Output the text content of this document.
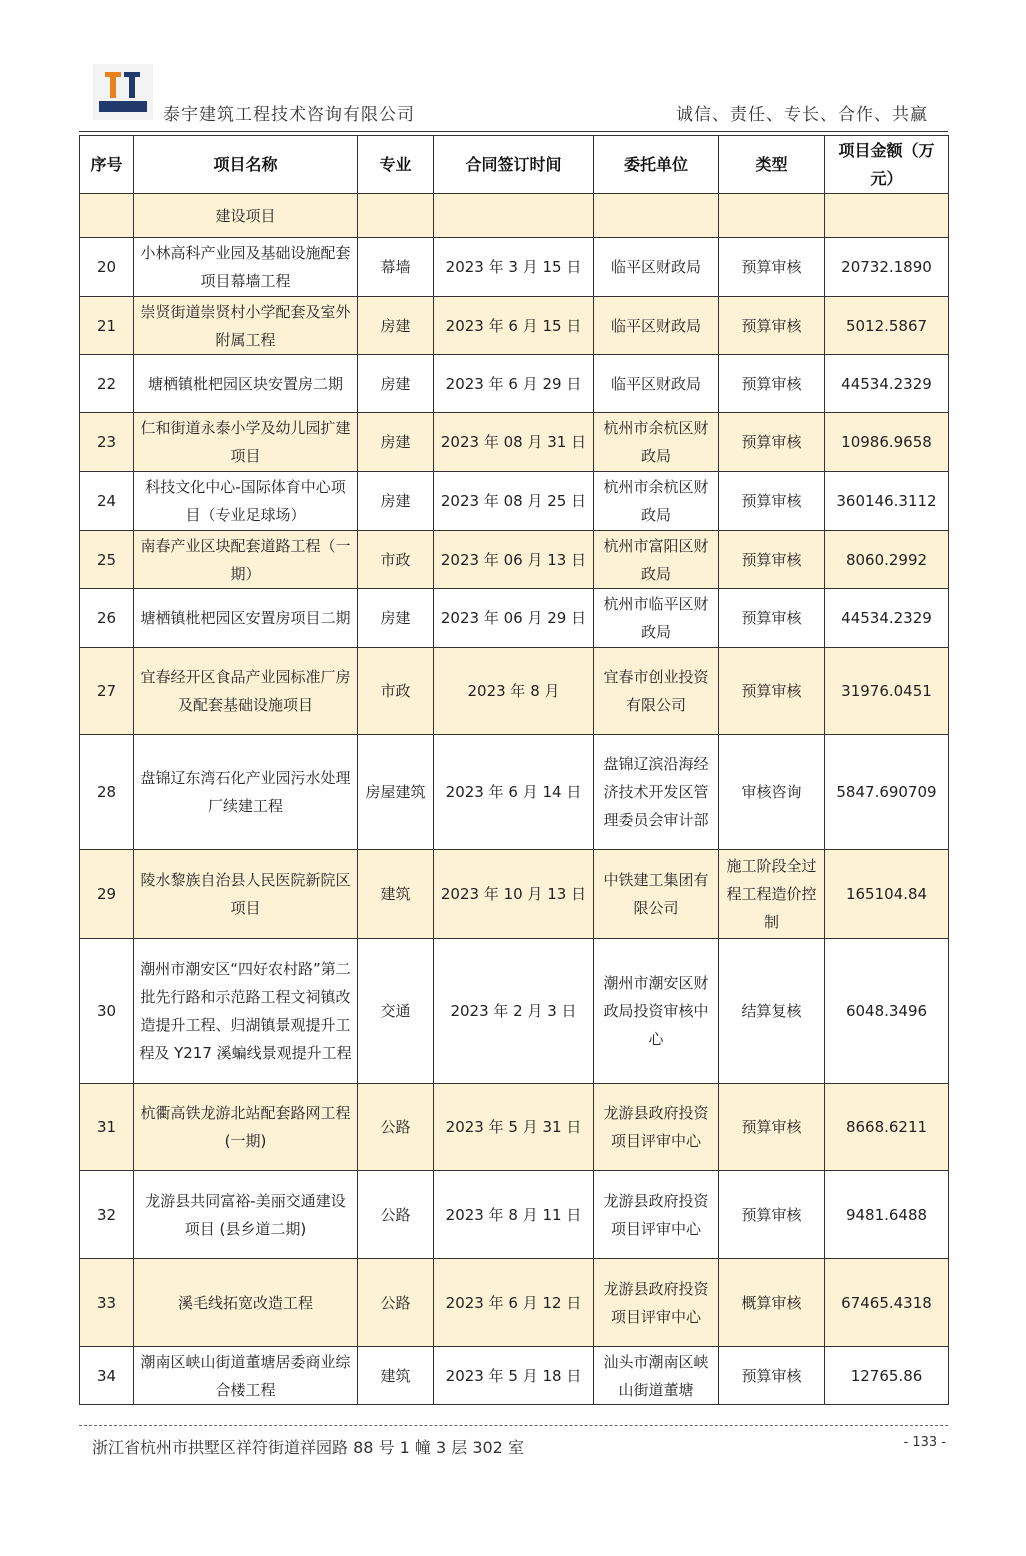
泰宇建筑工程技术咨询有限公司	诚信、责任、专长、合作、共赢
序号	项目名称	专业	合同签订时间	委托单位	类型	项目金额（万元）
	建设项目					
20	小林高科产业园及基础设施配套项目幕墙工程	幕墙	2023 年 3 月 15 日	临平区财政局	预算审核	20732.1890
21	崇贤街道崇贤村小学配套及室外附属工程	房建	2023 年 6 月 15 日	临平区财政局	预算审核	5012.5867
22	塘栖镇枇杷园区块安置房二期	房建	2023 年 6 月 29 日	临平区财政局	预算审核	44534.2329
23	仁和街道永泰小学及幼儿园扩建项目	房建	2023 年 08 月 31 日	杭州市余杭区财政局	预算审核	10986.9658
24	科技文化中心-国际体育中心项目（专业足球场）	房建	2023 年 08 月 25 日	杭州市余杭区财政局	预算审核	360146.3112
25	南春产业区块配套道路工程（一期）	市政	2023 年 06 月 13 日	杭州市富阳区财政局	预算审核	8060.2992
26	塘栖镇枇杷园区安置房项目二期	房建	2023 年 06 月 29 日	杭州市临平区财政局	预算审核	44534.2329
27	宜春经开区食品产业园标准厂房及配套基础设施项目	市政	2023 年 8 月	宜春市创业投资有限公司	预算审核	31976.0451
28	盘锦辽东湾石化产业园污水处理厂续建工程	房屋建筑	2023 年 6 月 14 日	盘锦辽滨沿海经济技术开发区管理委员会审计部	审核咨询	5847.690709
29	陵水黎族自治县人民医院新院区项目	建筑	2023 年 10 月 13 日	中铁建工集团有限公司	施工阶段全过程工程造价控制	165104.84
30	潮州市潮安区“四好农村路”第二批先行路和示范路工程文祠镇改造提升工程、归湖镇景观提升工程及 Y217 溪蝙线景观提升工程	交通	2023 年 2 月 3 日	潮州市潮安区财政局投资审核中心	结算复核	6048.3496
31	杭衢高铁龙游北站配套路网工程(一期)	公路	2023 年 5 月 31 日	龙游县政府投资项目评审中心	预算审核	8668.6211
32	龙游县共同富裕-美丽交通建设项目 (县乡道二期)	公路	2023 年 8 月 11 日	龙游县政府投资项目评审中心	预算审核	9481.6488
33	溪毛线拓宽改造工程	公路	2023 年 6 月 12 日	龙游县政府投资项目评审中心	概算审核	67465.4318
34	潮南区峡山街道董塘居委商业综合楼工程	建筑	2023 年 5 月 18 日	汕头市潮南区峡山街道董塘	预算审核	12765.86
浙江省杭州市拱墅区祥符街道祥园路 88 号 1 幢 3 层 302 室	- 133 -
